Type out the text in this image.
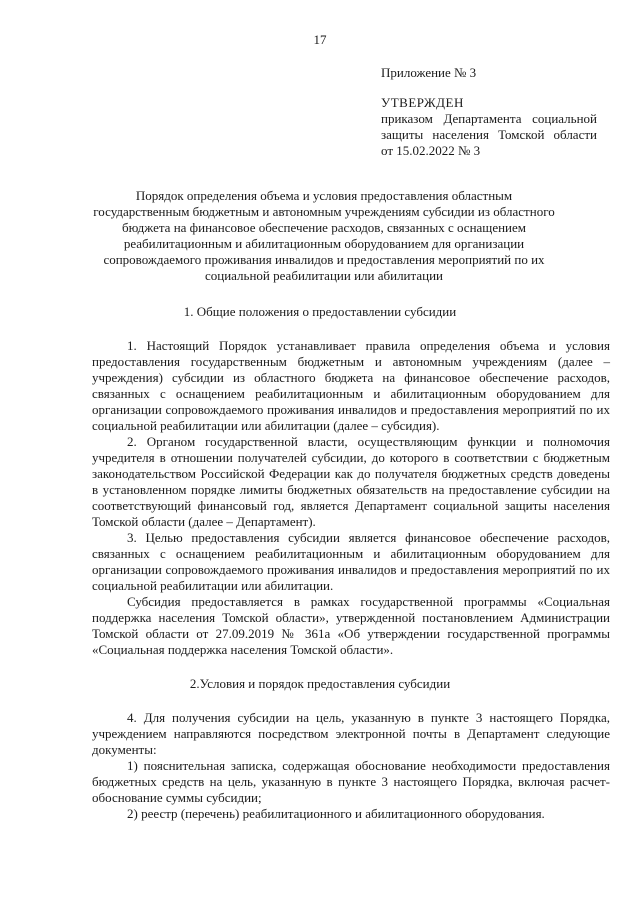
17
Приложение № 3
УТВЕРЖДЕН
приказом Департамента социальной
защиты населения Томской области
от 15.02.2022 № 3
Порядок определения объема и условия предоставления областным
государственным бюджетным и автономным учреждениям субсидии из областного
бюджета на финансовое обеспечение расходов, связанных с оснащением
реабилитационным и абилитационным оборудованием для организации
сопровождаемого проживания инвалидов и предоставления мероприятий по их
социальной реабилитации или абилитации
1. Общие положения о предоставлении субсидии

1. Настоящий Порядок устанавливает правила определения объема и условия предоставления государственным бюджетным и автономным учреждениям (далее – учреждения) субсидии из областного бюджета на финансовое обеспечение расходов, связанных с оснащением реабилитационным и абилитационным оборудованием для организации сопровождаемого проживания инвалидов и предоставления мероприятий по их социальной реабилитации или абилитации (далее – субсидия).

2. Органом государственной власти, осуществляющим функции и полномочия учредителя в отношении получателей субсидии, до которого в соответствии с бюджетным законодательством Российской Федерации как до получателя бюджетных средств доведены в установленном порядке лимиты бюджетных обязательств на предоставление субсидии на соответствующий финансовый год, является Департамент социальной защиты населения Томской области (далее – Департамент).

3. Целью предоставления субсидии является финансовое обеспечение расходов, связанных с оснащением реабилитационным и абилитационным оборудованием для организации сопровождаемого проживания инвалидов и предоставления мероприятий по их социальной реабилитации или абилитации.

Субсидия предоставляется в рамках государственной программы «Социальная поддержка населения Томской области», утвержденной постановлением Администрации Томской области от 27.09.2019 № 361а «Об утверждении государственной программы «Социальная поддержка населения Томской области».

2.Условия и порядок предоставления субсидии

4. Для получения субсидии на цель, указанную в пункте 3 настоящего Порядка, учреждением направляются посредством электронной почты в Департамент следующие документы:

1) пояснительная записка, содержащая обоснование необходимости предоставления бюджетных средств на цель, указанную в пункте 3 настоящего Порядка, включая расчет-обоснование суммы субсидии;

2) реестр (перечень) реабилитационного и абилитационного оборудования.
